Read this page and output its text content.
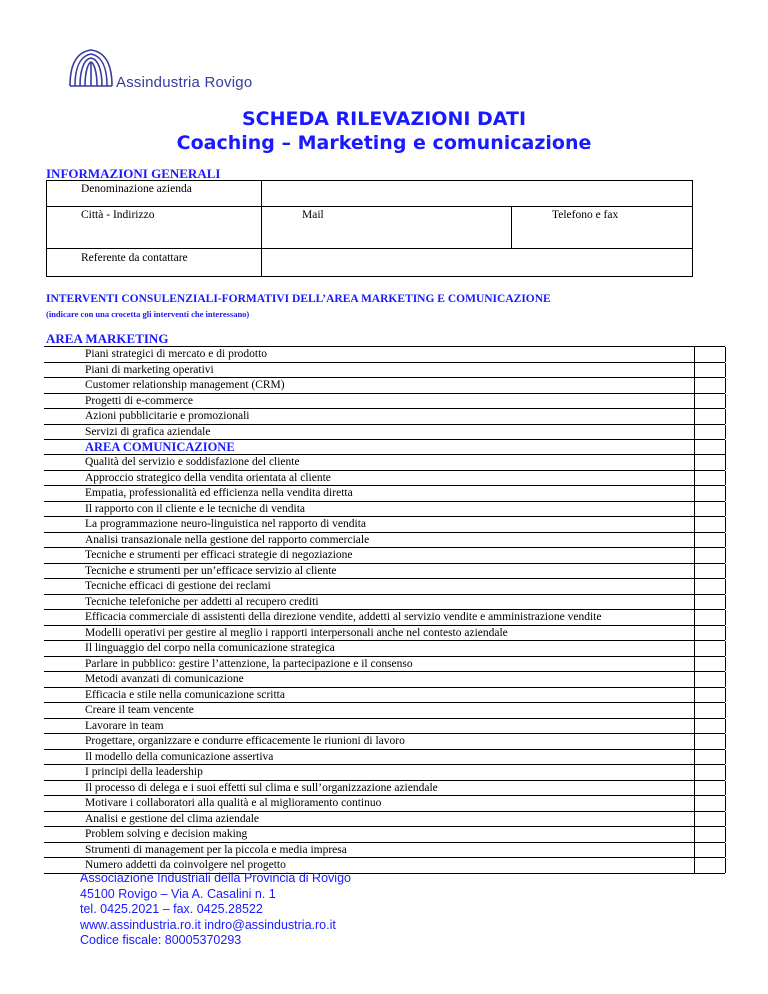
Assindustria Rovigo
SCHEDA RILEVAZIONI DATI
Coaching – Marketing e comunicazione
INFORMAZIONI GENERALI
Denominazione azienda		
Città - Indirizzo	Mail	Telefono e fax
Referente da contattare		
INTERVENTI CONSULENZIALI-FORMATIVI DELL’AREA MARKETING E COMUNICAZIONE
(indicare con una crocetta gli interventi che interessano)
AREA MARKETING
Piani strategici di mercato e di prodotto
Piani di marketing operativi
Customer relationship management (CRM)
Progetti di e-commerce
Azioni pubblicitarie e promozionali
Servizi di grafica aziendale
AREA COMUNICAZIONE
Qualità del servizio e soddisfazione del cliente
Approccio strategico della vendita orientata al cliente
Empatia, professionalità ed efficienza nella vendita diretta
Il rapporto con il cliente e le tecniche di vendita
La programmazione neuro-linguistica nel rapporto di vendita
Analisi transazionale nella gestione del rapporto commerciale
Tecniche e strumenti per efficaci strategie di negoziazione
Tecniche e strumenti per un’efficace servizio al cliente
Tecniche efficaci di gestione dei reclami
Tecniche telefoniche per addetti al recupero crediti
Efficacia commerciale di assistenti della direzione vendite, addetti al servizio vendite e amministrazione vendite
Modelli operativi per gestire al meglio i rapporti interpersonali anche nel contesto aziendale
Il linguaggio del corpo nella comunicazione strategica
Parlare in pubblico: gestire l’attenzione, la partecipazione e il consenso
Metodi avanzati di comunicazione
Efficacia e stile nella comunicazione scritta
Creare il team vencente
Lavorare in team
Progettare, organizzare e condurre efficacemente le riunioni di lavoro
Il modello della comunicazione assertiva
I principi della leadership
Il processo di delega e i suoi effetti sul clima e sull’organizzazione aziendale
Motivare i collaboratori alla qualità e al miglioramento continuo
Analisi e gestione del clima aziendale
Problem solving e decision making
Strumenti di management per la piccola e media impresa
Numero addetti da coinvolgere nel progetto
Associazione Industriali della Provincia di Rovigo
45100 Rovigo – Via A. Casalini n. 1
tel. 0425.2021 – fax. 0425.28522
www.assindustria.ro.it indro@assindustria.ro.it
Codice fiscale: 80005370293
